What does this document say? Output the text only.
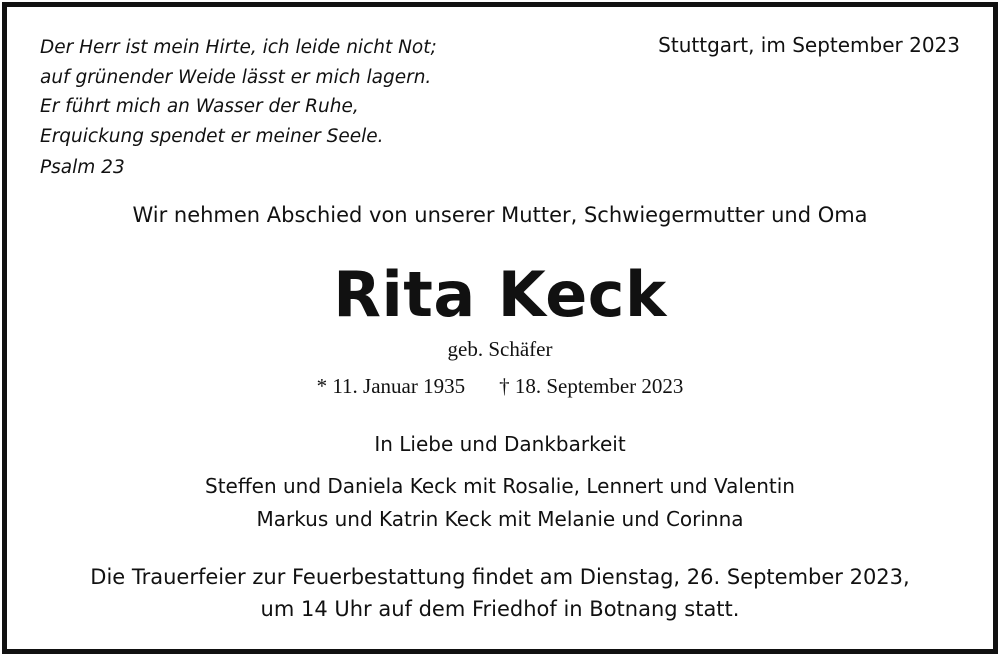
Der Herr ist mein Hirte, ich leide nicht Not;
auf grünender Weide lässt er mich lagern.
Er führt mich an Wasser der Ruhe,
Erquickung spendet er meiner Seele.
Psalm 23
Stuttgart, im September 2023
Wir nehmen Abschied von unserer Mutter, Schwiegermutter und Oma
Rita Keck
geb. Schäfer
* 11. Januar 1935 † 18. September 2023
In Liebe und Dankbarkeit
Steffen und Daniela Keck mit Rosalie, Lennert und Valentin
Markus und Katrin Keck mit Melanie und Corinna
Die Trauerfeier zur Feuerbestattung findet am Dienstag, 26. September 2023,
um 14 Uhr auf dem Friedhof in Botnang statt.
